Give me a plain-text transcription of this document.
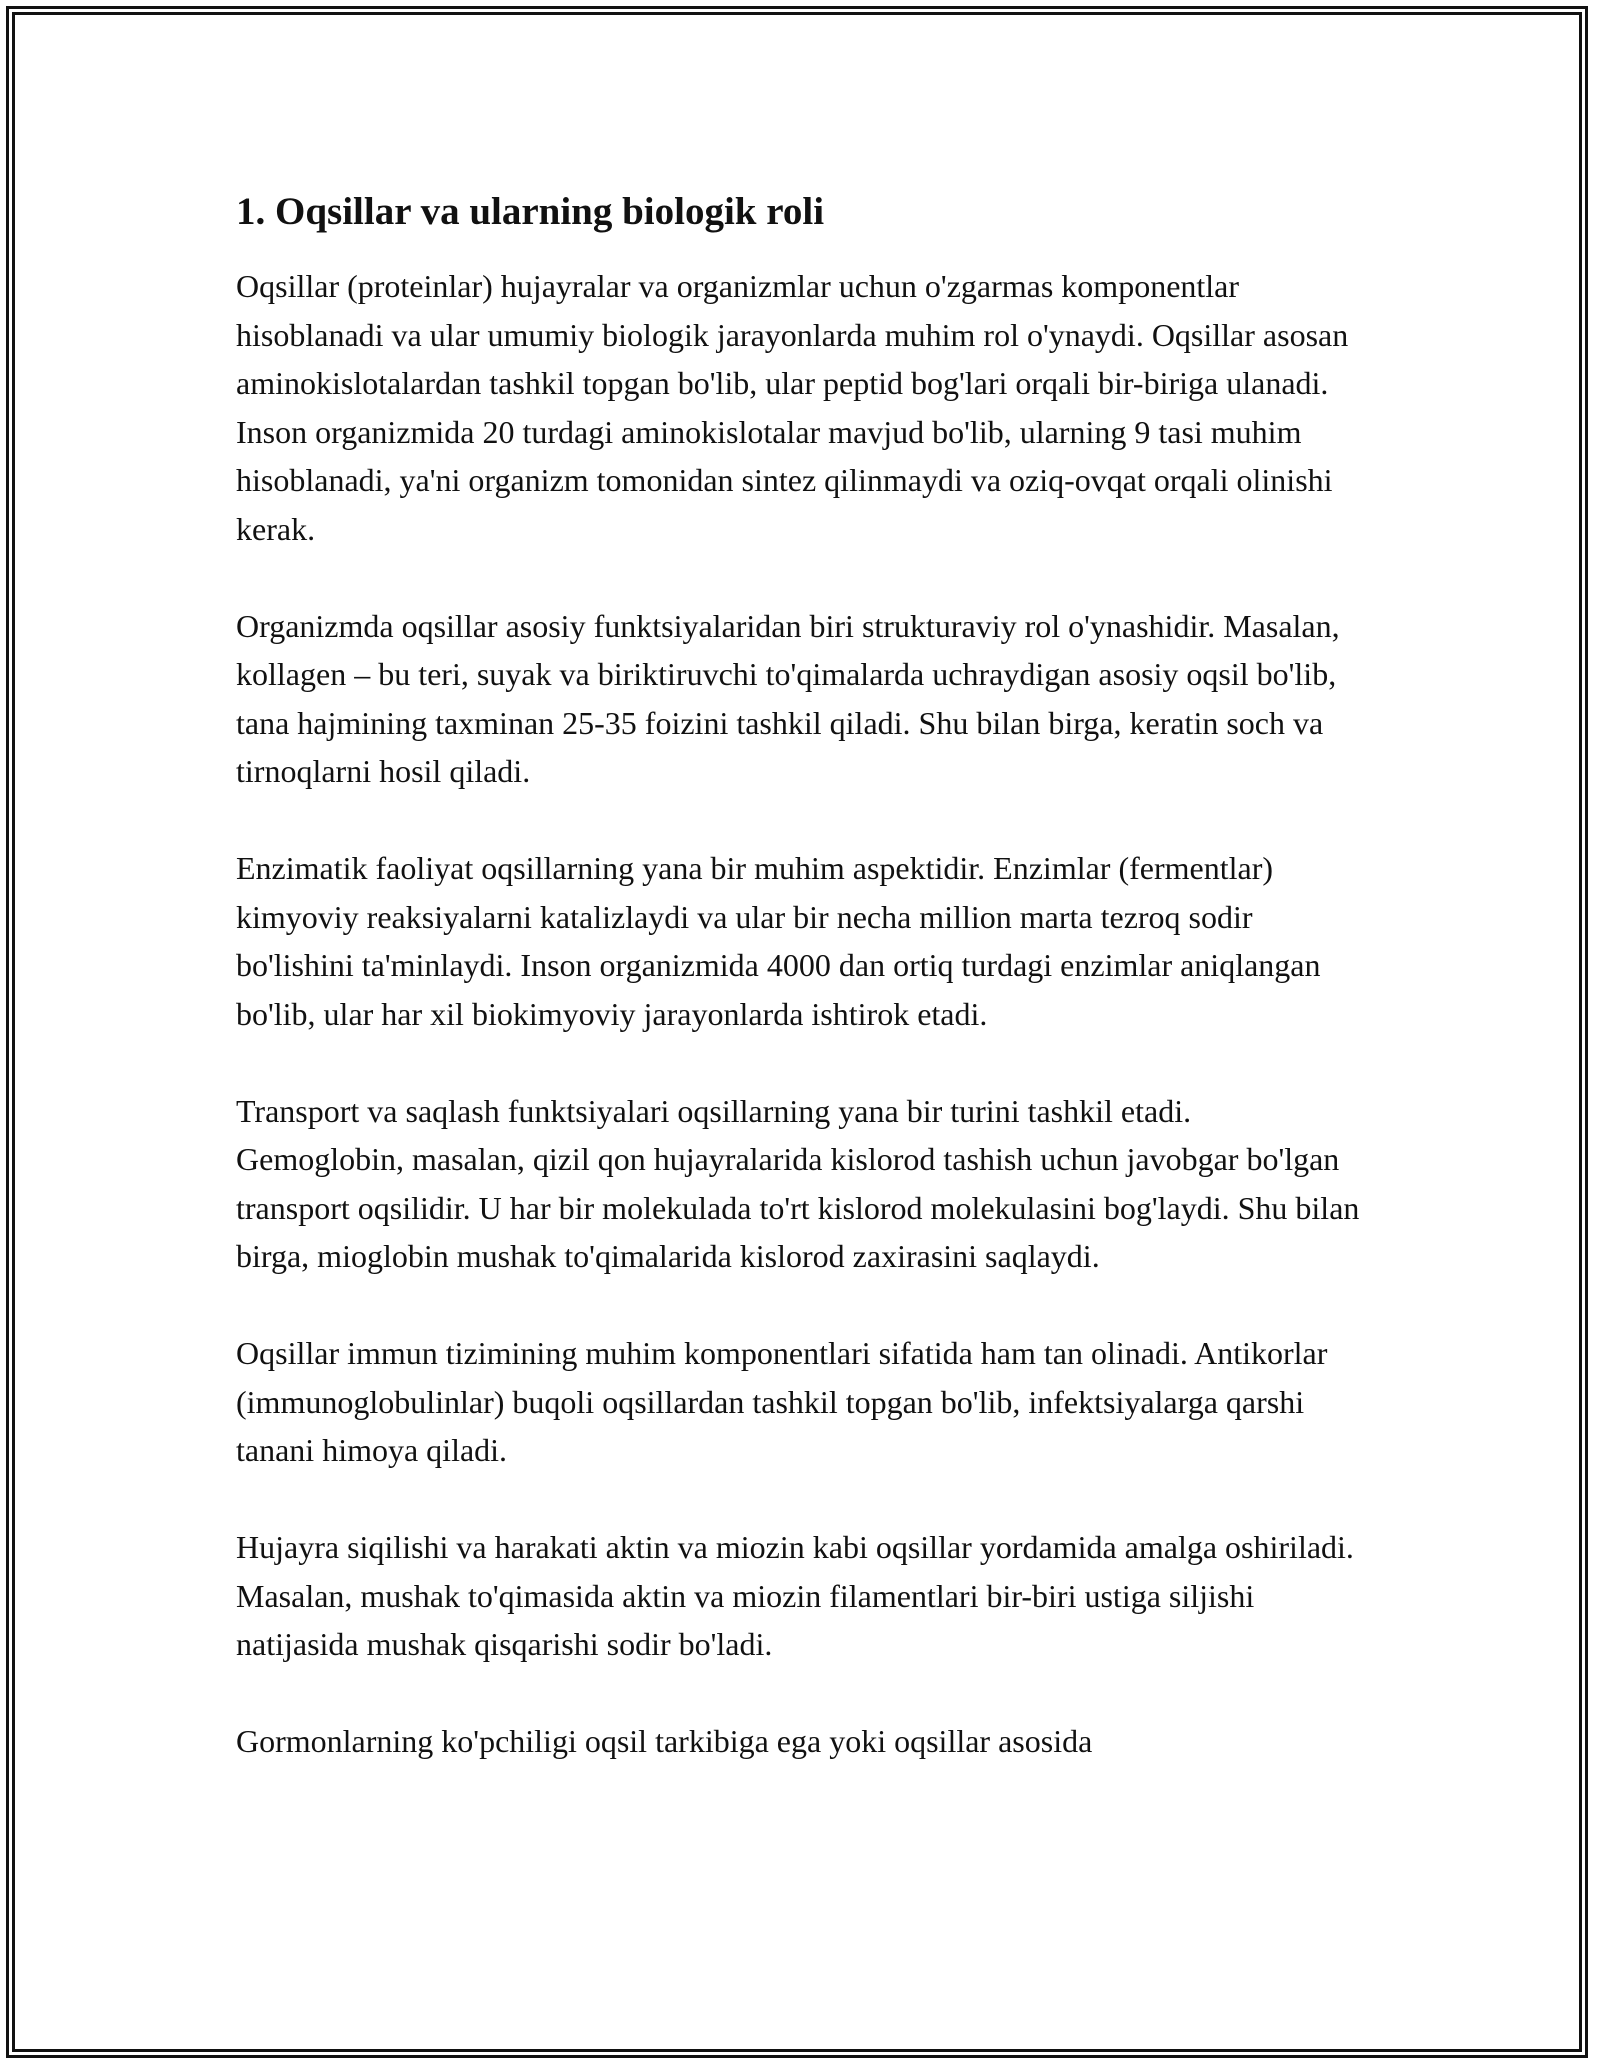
1. Oqsillar va ularning biologik roli

Oqsillar (proteinlar) hujayralar va organizmlar uchun o'zgarmas komponentlar hisoblanadi va ular umumiy biologik jarayonlarda muhim rol o'ynaydi. Oqsillar asosan aminokislotalardan tashkil topgan bo'lib, ular peptid bog'lari orqali bir-biriga ulanadi. Inson organizmida 20 turdagi aminokislotalar mavjud bo'lib, ularning 9 tasi muhim hisoblanadi, ya'ni organizm tomonidan sintez qilinmaydi va oziq-ovqat orqali olinishi kerak.

Organizmda oqsillar asosiy funktsiyalaridan biri strukturaviy rol o'ynashidir. Masalan, kollagen – bu teri, suyak va biriktiruvchi to'qimalarda uchraydigan asosiy oqsil bo'lib, tana hajmining taxminan 25-35 foizini tashkil qiladi. Shu bilan birga, keratin soch va tirnoqlarni hosil qiladi.

Enzimatik faoliyat oqsillarning yana bir muhim aspektidir. Enzimlar (fermentlar) kimyoviy reaksiyalarni katalizlaydi va ular bir necha million marta tezroq sodir bo'lishini ta'minlaydi. Inson organizmida 4000 dan ortiq turdagi enzimlar aniqlangan bo'lib, ular har xil biokimyoviy jarayonlarda ishtirok etadi.

Transport va saqlash funktsiyalari oqsillarning yana bir turini tashkil etadi. Gemoglobin, masalan, qizil qon hujayralarida kislorod tashish uchun javobgar bo'lgan transport oqsilidir. U har bir molekulada to'rt kislorod molekulasini bog'laydi. Shu bilan birga, mioglobin mushak to'qimalarida kislorod zaxirasini saqlaydi.

Oqsillar immun tizimining muhim komponentlari sifatida ham tan olinadi. Antikorlar (immunoglobulinlar) buqoli oqsillardan tashkil topgan bo'lib, infektsiyalarga qarshi tanani himoya qiladi.

Hujayra siqilishi va harakati aktin va miozin kabi oqsillar yordamida amalga oshiriladi. Masalan, mushak to'qimasida aktin va miozin filamentlari bir-biri ustiga siljishi natijasida mushak qisqarishi sodir bo'ladi.

Gormonlarning ko'pchiligi oqsil tarkibiga ega yoki oqsillar asosida
